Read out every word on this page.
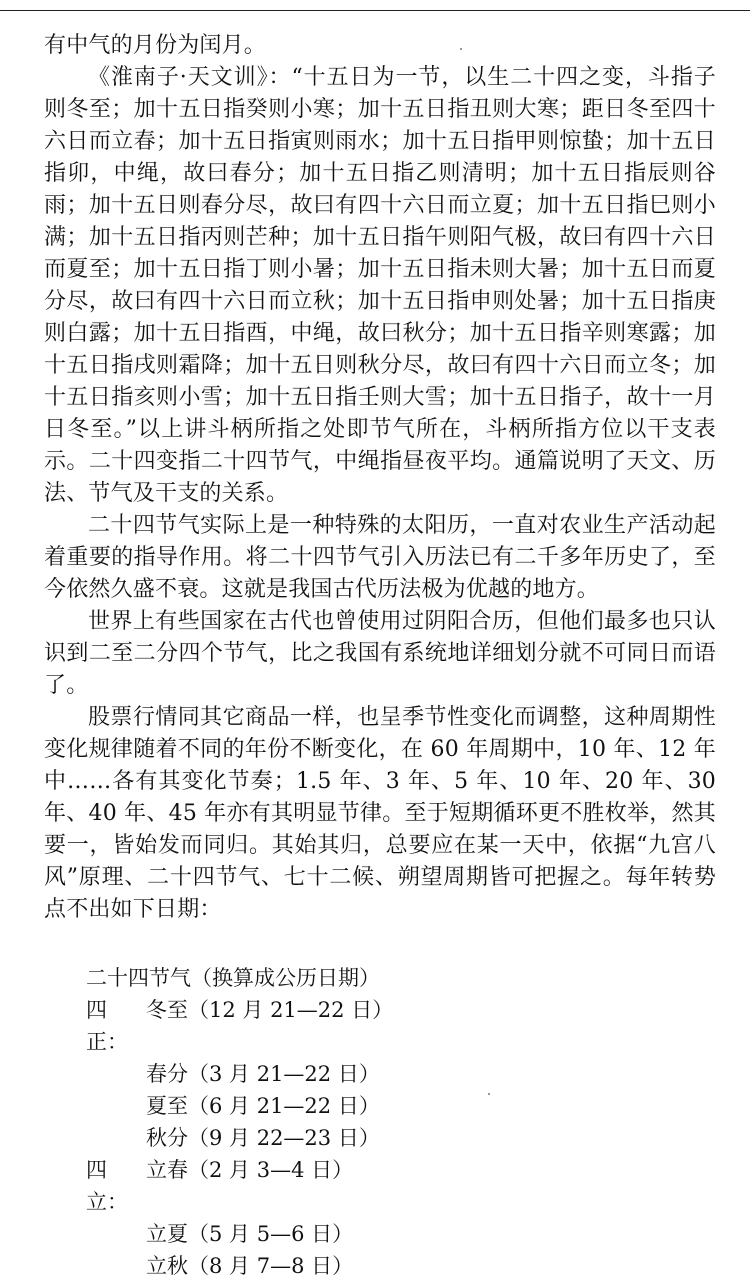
有中气的月份为闰月。

《淮南子·天文训》：“十五日为一节，以生二十四之变，斗指子则冬至；加十五日指癸则小寒；加十五日指丑则大寒；距日冬至四十六日而立春；加十五日指寅则雨水；加十五日指甲则惊蛰；加十五日指卯，中绳，故曰春分；加十五日指乙则清明；加十五日指辰则谷雨；加十五日则春分尽，故曰有四十六日而立夏；加十五日指巳则小满；加十五日指丙则芒种；加十五日指午则阳气极，故曰有四十六日而夏至；加十五日指丁则小暑；加十五日指未则大暑；加十五日而夏分尽，故曰有四十六日而立秋；加十五日指申则处暑；加十五日指庚则白露；加十五日指酉，中绳，故曰秋分；加十五日指辛则寒露；加十五日指戌则霜降；加十五日则秋分尽，故曰有四十六日而立冬；加十五日指亥则小雪；加十五日指壬则大雪；加十五日指子，故十一月日冬至。”以上讲斗柄所指之处即节气所在，斗柄所指方位以干支表示。二十四变指二十四节气，中绳指昼夜平均。通篇说明了天文、历法、节气及干支的关系。

二十四节气实际上是一种特殊的太阳历，一直对农业生产活动起着重要的指导作用。将二十四节气引入历法已有二千多年历史了，至今依然久盛不衰。这就是我国古代历法极为优越的地方。

世界上有些国家在古代也曾使用过阴阳合历，但他们最多也只认识到二至二分四个节气，比之我国有系统地详细划分就不可同日而语了。

股票行情同其它商品一样，也呈季节性变化而调整，这种周期性变化规律随着不同的年份不断变化，在 60 年周期中，10 年、12 年中……各有其变化节奏；1.5 年、3 年、5 年、10 年、20 年、30 年、40 年、45 年亦有其明显节律。至于短期循环更不胜枚举，然其要一，皆始发而同归。其始其归，总要应在某一天中，依据“九宫八风”原理、二十四节气、七十二候、朔望周期皆可把握之。每年转势点不出如下日期：

二十四节气（换算成公历日期）

四正：
冬至（12 月 21—22 日）
春分（3 月 21—22 日）
夏至（6 月 21—22 日）
秋分（9 月 22—23 日）
四立：
立春（2 月 3—4 日）
立夏（5 月 5—6 日）
立秋（8 月 7—8 日）
